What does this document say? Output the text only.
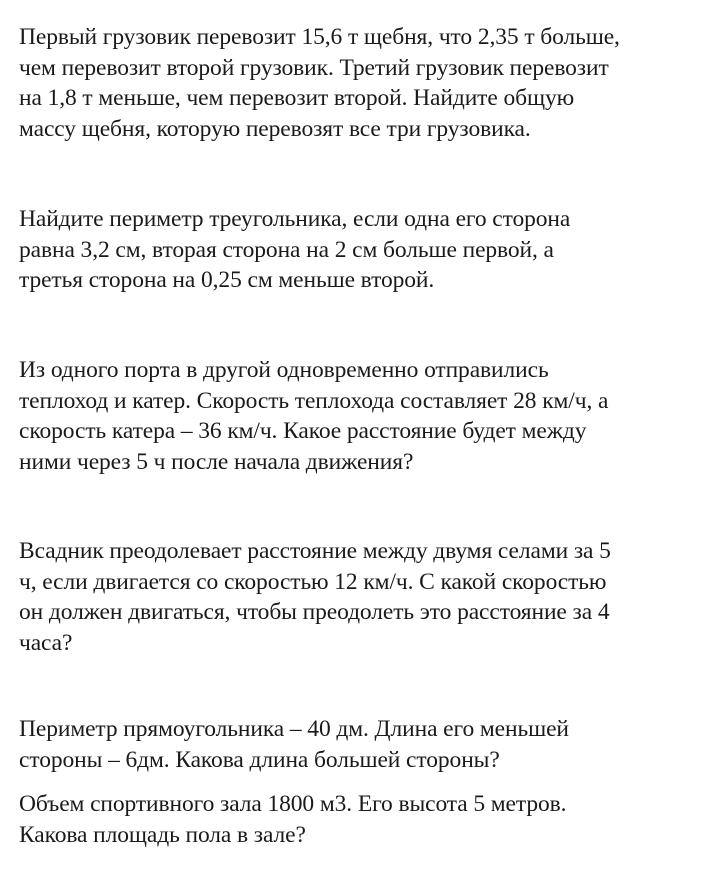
Первый грузовик перевозит 15,6 т щебня, что 2,35 т больше,
чем перевозит второй грузовик. Третий грузовик перевозит
на 1,8 т меньше, чем перевозит второй. Найдите общую
массу щебня, которую перевозят все три грузовика.

Найдите периметр треугольника, если одна его сторона
равна 3,2 см, вторая сторона на 2 см больше первой, а
третья сторона на 0,25 см меньше второй.

Из одного порта в другой одновременно отправились
теплоход и катер. Скорость теплохода составляет 28 км/ч, а
скорость катера – 36 км/ч. Какое расстояние будет между
ними через 5 ч после начала движения?

Всадник преодолевает расстояние между двумя селами за 5
ч, если двигается со скоростью 12 км/ч. С какой скоростью
он должен двигаться, чтобы преодолеть это расстояние за 4
часа?

Периметр прямоугольника – 40 дм. Длина его меньшей
стороны – 6дм. Какова длина большей стороны?

Объем спортивного зала 1800 м3. Его высота 5 метров.
Какова площадь пола в зале?
